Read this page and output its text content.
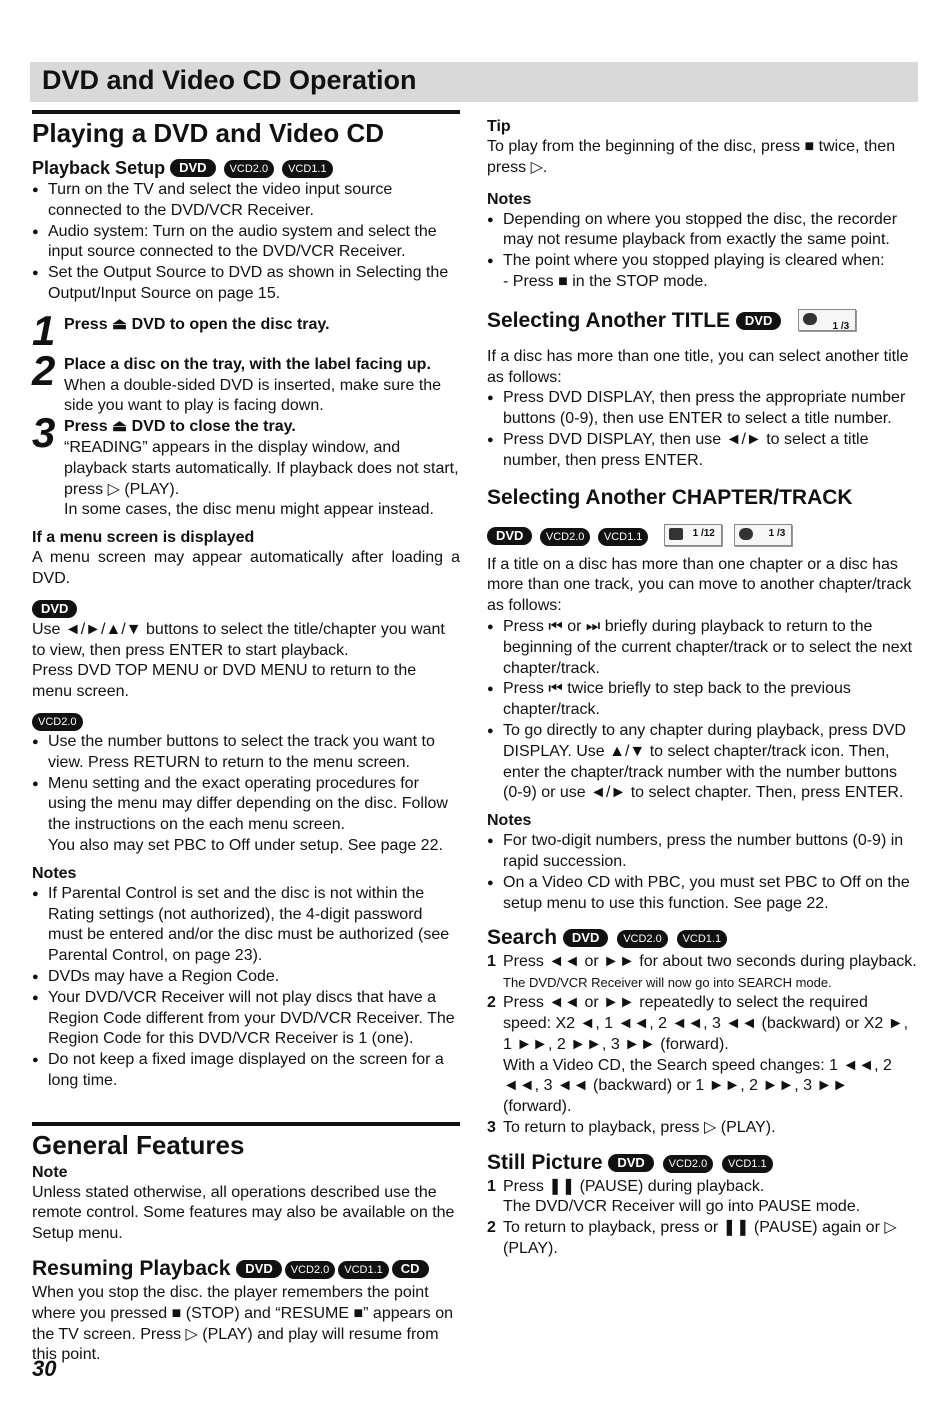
DVD and Video CD Operation
Playing a DVD and Video CD
Playback Setup DVD VCD2.0 VCD1.1
● Turn on the TV and select the video input source connected to the DVD/VCR Receiver.
● Audio system: Turn on the audio system and select the input source connected to the DVD/VCR Receiver.
● Set the Output Source to DVD as shown in Selecting the Output/Input Source on page 15.
1 Press ⏏ DVD to open the disc tray.

2 Place a disc on the tray, with the label facing up.

When a double-sided DVD is inserted, make sure the side you want to play is facing down.

3 Press ⏏ DVD to close the tray.

“READING” appears in the display window, and playback starts automatically. If playback does not start, press ▷ (PLAY).

In some cases, the disc menu might appear instead.

If a menu screen is displayed

A menu screen may appear automatically after loading a DVD.

DVD

Use ◄/►/▲/▼ buttons to select the title/chapter you want to view, then press ENTER to start playback.

Press DVD TOP MENU or DVD MENU to return to the menu screen.

VCD2.0
● Use the number buttons to select the track you want to view. Press RETURN to return to the menu screen.
● Menu setting and the exact operating procedures for using the menu may differ depending on the disc. Follow the instructions on the each menu screen.

You also may set PBC to Off under setup. See page 22.

Notes
● If Parental Control is set and the disc is not within the Rating settings (not authorized), the 4-digit password must be entered and/or the disc must be authorized (see Parental Control, on page 23).
● DVDs may have a Region Code.
● Your DVD/VCR Receiver will not play discs that have a Region Code different from your DVD/VCR Receiver. The Region Code for this DVD/VCR Receiver is 1 (one).
● Do not keep a fixed image displayed on the screen for a long time.
General Features
Note

Unless stated otherwise, all operations described use the remote control. Some features may also be available on the Setup menu.

Resuming Playback DVD VCD2.0 VCD1.1 CD

When you stop the disc. the player remembers the point where you pressed ■ (STOP) and “RESUME ■” appears on the TV screen. Press ▷ (PLAY) and play will resume from this point.

Tip

To play from the beginning of the disc, press ■ twice, then press ▷.

Notes
● Depending on where you stopped the disc, the recorder may not resume playback from exactly the same point.
● The point where you stopped playing is cleared when:

- Press ■ in the STOP mode.

Selecting Another TITLE DVD	1 /3

If a disc has more than one title, you can select another title as follows:

● Press DVD DISPLAY, then press the appropriate number buttons (0-9), then use ENTER to select a title number.
● Press DVD DISPLAY, then use ◄/► to select a title number, then press ENTER.
Selecting Another CHAPTER/TRACK
DVD VCD2.0 VCD1.1	1 /12
	1 /3

If a title on a disc has more than one chapter or a disc has more than one track, you can move to another chapter/track as follows:

● Press ⏮ or ⏭ briefly during playback to return to the beginning of the current chapter/track or to select the next chapter/track.
● Press ⏮ twice briefly to step back to the previous chapter/track.
● To go directly to any chapter during playback, press DVD DISPLAY. Use ▲/▼ to select chapter/track icon. Then, enter the chapter/track number with the number buttons (0-9) or use ◄/► to select chapter. Then, press ENTER.
Notes
● For two-digit numbers, press the number buttons (0-9) in rapid succession.
● On a Video CD with PBC, you must set PBC to Off on the setup menu to use this function. See page 22.
Search DVD VCD2.0 VCD1.1
1 Press ◄◄ or ►► for about two seconds during playback.
The DVD/VCR Receiver will now go into SEARCH mode.
2 Press ◄◄ or ►► repeatedly to select the required speed: X2 ◄, 1 ◄◄, 2 ◄◄, 3 ◄◄ (backward) or X2 ►, 1 ►►, 2 ►►, 3 ►► (forward).
With a Video CD, the Search speed changes: 1 ◄◄, 2 ◄◄, 3 ◄◄ (backward) or 1 ►►, 2 ►►, 3 ►► (forward).
3 To return to playback, press ▷ (PLAY).
Still Picture DVD VCD2.0 VCD1.1
1 Press ❚❚ (PAUSE) during playback.
The DVD/VCR Receiver will go into PAUSE mode.
2 To return to playback, press or ❚❚ (PAUSE) again or ▷ (PLAY).
30
